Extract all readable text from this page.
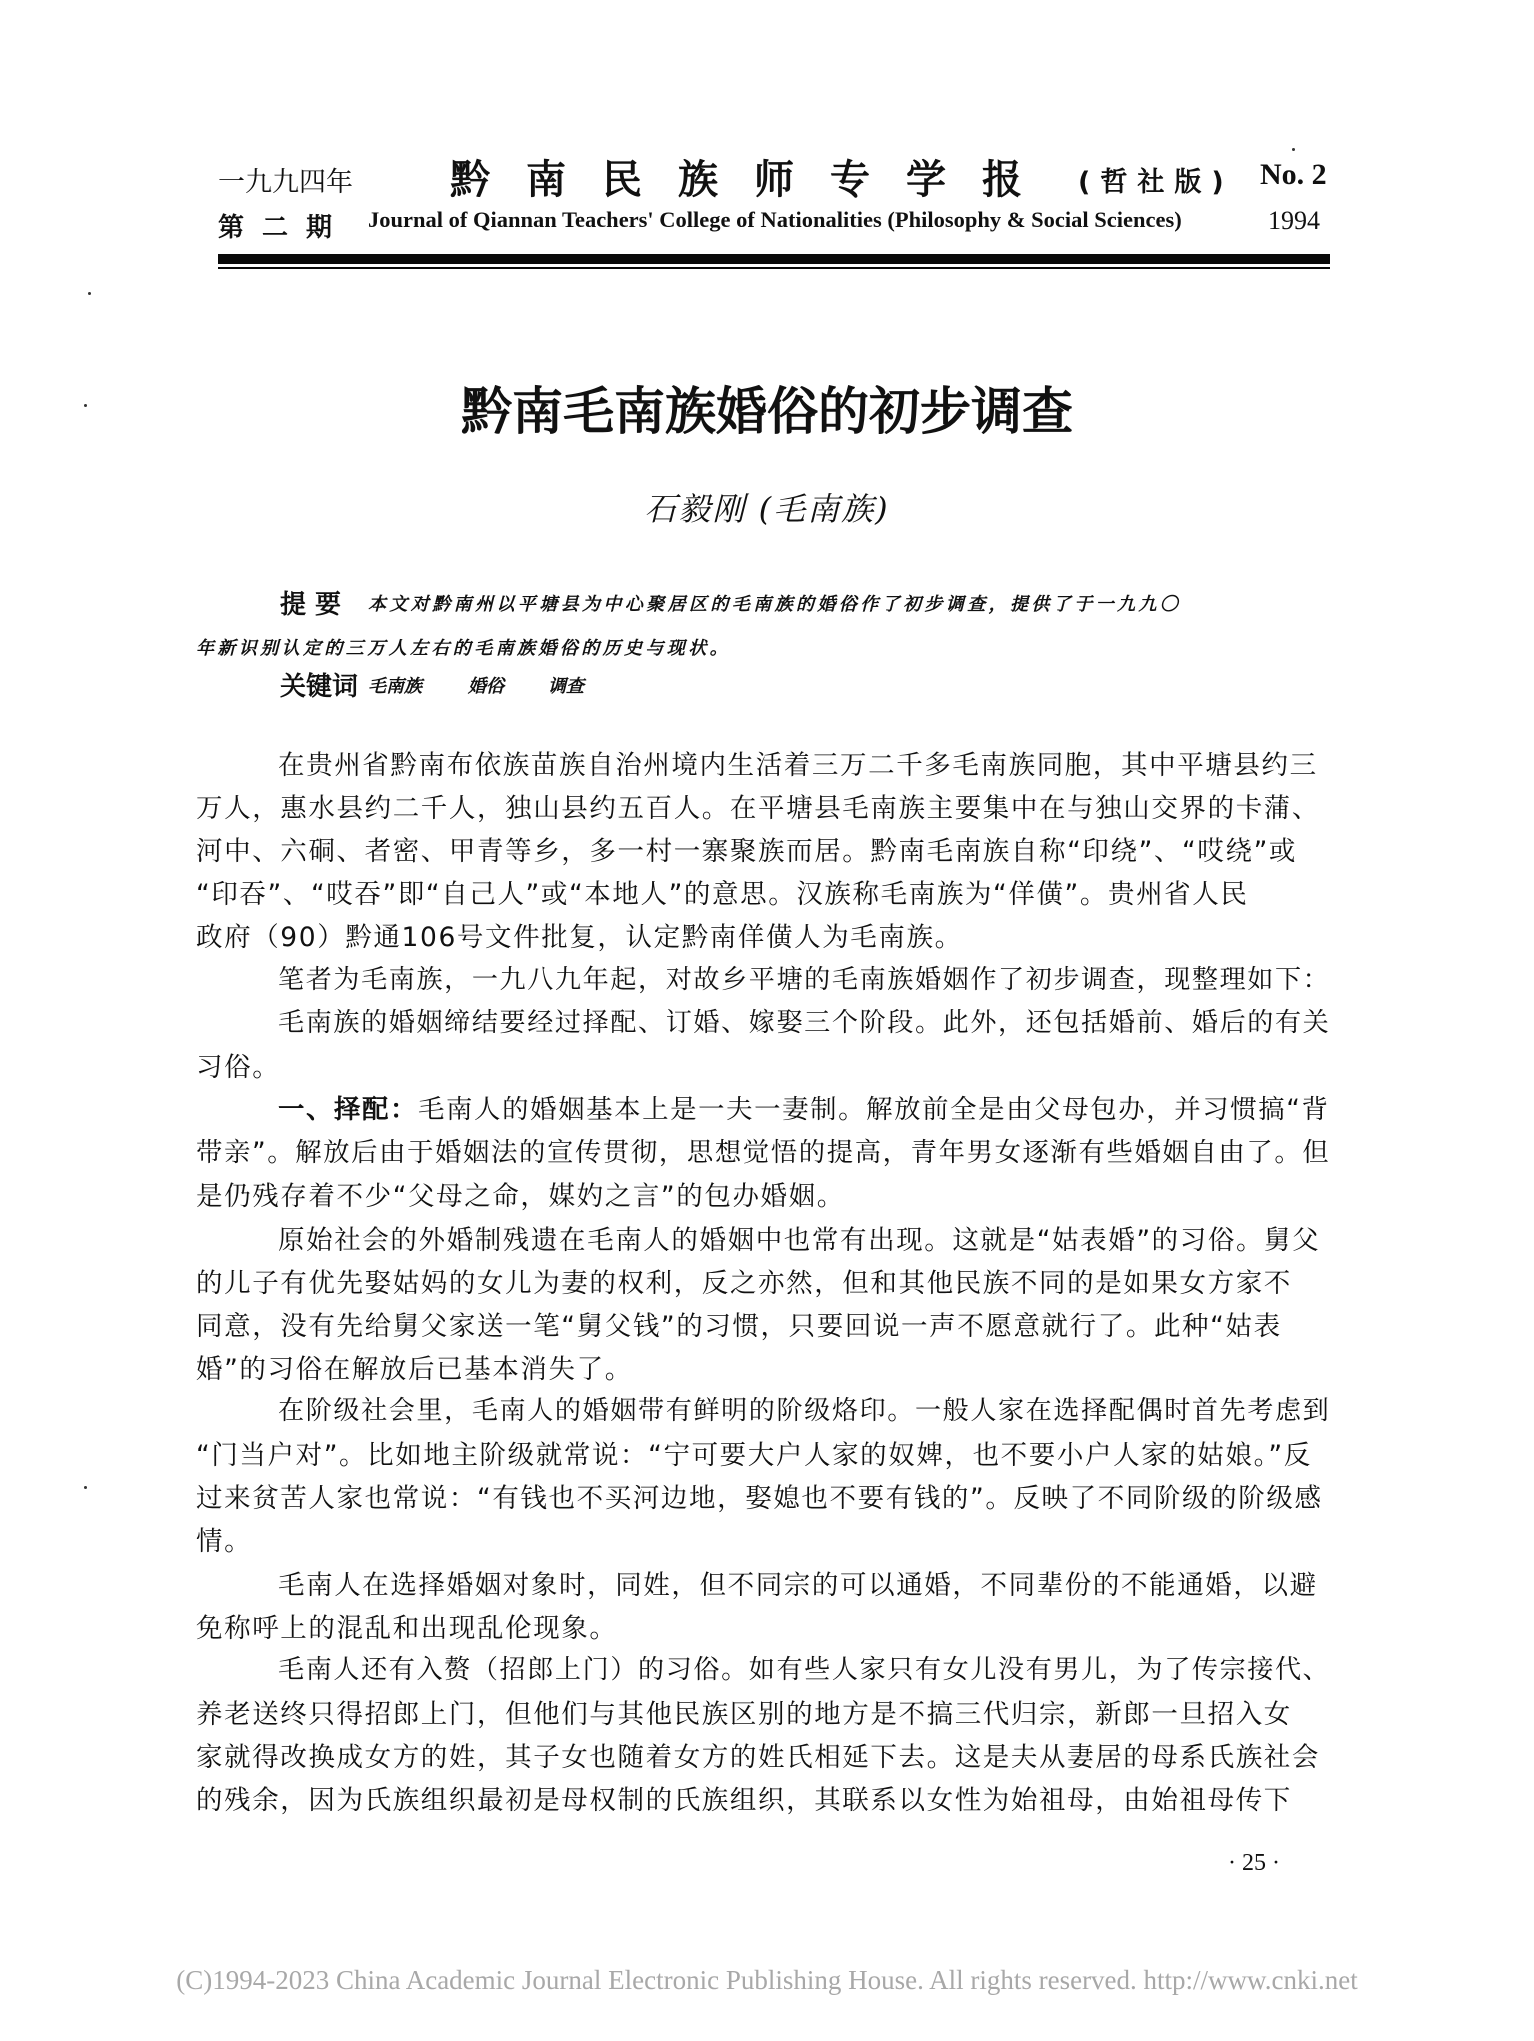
一九九四年 黔南民族师专学报 (哲社版) No. 2
第二期 Journal of Qiannan Teachers' College of Nationalities (Philosophy & Social Sciences)	1994
黔南毛南族婚俗的初步调查
石毅刚 (毛南族)
提 要 本文对黔南州以平塘县为中心聚居区的毛南族的婚俗作了初步调查，提供了于一九九〇
年新识别认定的三万人左右的毛南族婚俗的历史与现状。
关键词 毛南族	婚俗 调查
在贵州省黔南布依族苗族自治州境内生活着三万二千多毛南族同胞，其中平塘县约三
万人，惠水县约二千人，独山县约五百人。在平塘县毛南族主要集中在与独山交界的卡蒲、
河中、六硐、者密、甲青等乡，多一村一寨聚族而居。黔南毛南族自称“印绕”、“哎绕”或
“印吞”、“哎吞”即“自己人”或“本地人”的意思。汉族称毛南族为“佯僙”。贵州省人民
政府（90）黔通106号文件批复，认定黔南佯僙人为毛南族。
笔者为毛南族，一九八九年起，对故乡平塘的毛南族婚姻作了初步调查，现整理如下：
毛南族的婚姻缔结要经过择配、订婚、嫁娶三个阶段。此外，还包括婚前、婚后的有关
习俗。
一、择配：毛南人的婚姻基本上是一夫一妻制。解放前全是由父母包办，并习惯搞“背
带亲”。解放后由于婚姻法的宣传贯彻，思想觉悟的提高，青年男女逐渐有些婚姻自由了。但
是仍残存着不少“父母之命，媒妁之言”的包办婚姻。
原始社会的外婚制残遗在毛南人的婚姻中也常有出现。这就是“姑表婚”的习俗。舅父
的儿子有优先娶姑妈的女儿为妻的权利，反之亦然，但和其他民族不同的是如果女方家不
同意，没有先给舅父家送一笔“舅父钱”的习惯，只要回说一声不愿意就行了。此种“姑表
婚”的习俗在解放后已基本消失了。
在阶级社会里，毛南人的婚姻带有鲜明的阶级烙印。一般人家在选择配偶时首先考虑到
“门当户对”。比如地主阶级就常说：“宁可要大户人家的奴婢，也不要小户人家的姑娘。”反
过来贫苦人家也常说：“有钱也不买河边地，娶媳也不要有钱的”。反映了不同阶级的阶级感
情。
毛南人在选择婚姻对象时，同姓，但不同宗的可以通婚，不同辈份的不能通婚，以避
免称呼上的混乱和出现乱伦现象。
毛南人还有入赘（招郎上门）的习俗。如有些人家只有女儿没有男儿，为了传宗接代、
养老送终只得招郎上门，但他们与其他民族区别的地方是不搞三代归宗，新郎一旦招入女
家就得改换成女方的姓，其子女也随着女方的姓氏相延下去。这是夫从妻居的母系氏族社会
的残余，因为氏族组织最初是母权制的氏族组织，其联系以女性为始祖母，由始祖母传下
· 25 ·
(C)1994-2023 China Academic Journal Electronic Publishing House. All rights reserved. http://www.cnki.net
